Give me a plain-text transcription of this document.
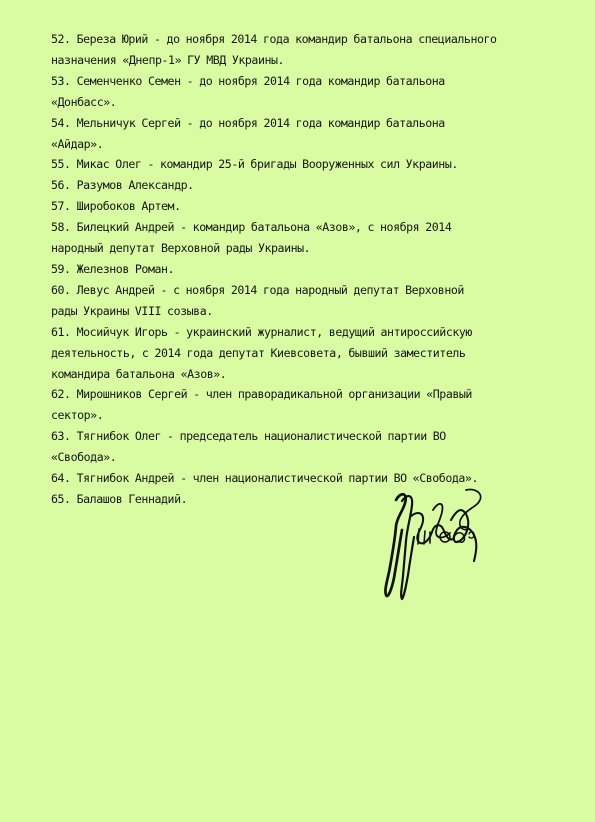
52. Береза Юрий - до ноября 2014 года командир батальона специального
назначения «Днепр-1» ГУ МВД Украины.
53. Семенченко Семен - до ноября 2014 года командир батальона
«Донбасс».
54. Мельничук Сергей - до ноября 2014 года командир батальона
«Айдар».
55. Микас Олег - командир 25-й бригады Вооруженных сил Украины.
56. Разумов Александр.
57. Широбоков Артем.
58. Билецкий Андрей - командир батальона «Азов», с ноября 2014
народный депутат Верховной рады Украины.
59. Железнов Роман.
60. Левус Андрей - с ноября 2014 года народный депутат Верховной
рады Украины VIII созыва.
61. Мосийчук Игорь - украинский журналист, ведущий антироссийскую
деятельность, с 2014 года депутат Киевсовета, бывший заместитель
командира батальона «Азов».
62. Мирошников Сергей - член праворадикальной организации «Правый
сектор».
63. Тягнибок Олег - председатель националистической партии ВО
«Свобода».
64. Тягнибок Андрей - член националистической партии ВО «Свобода».
65. Балашов Геннадий.
